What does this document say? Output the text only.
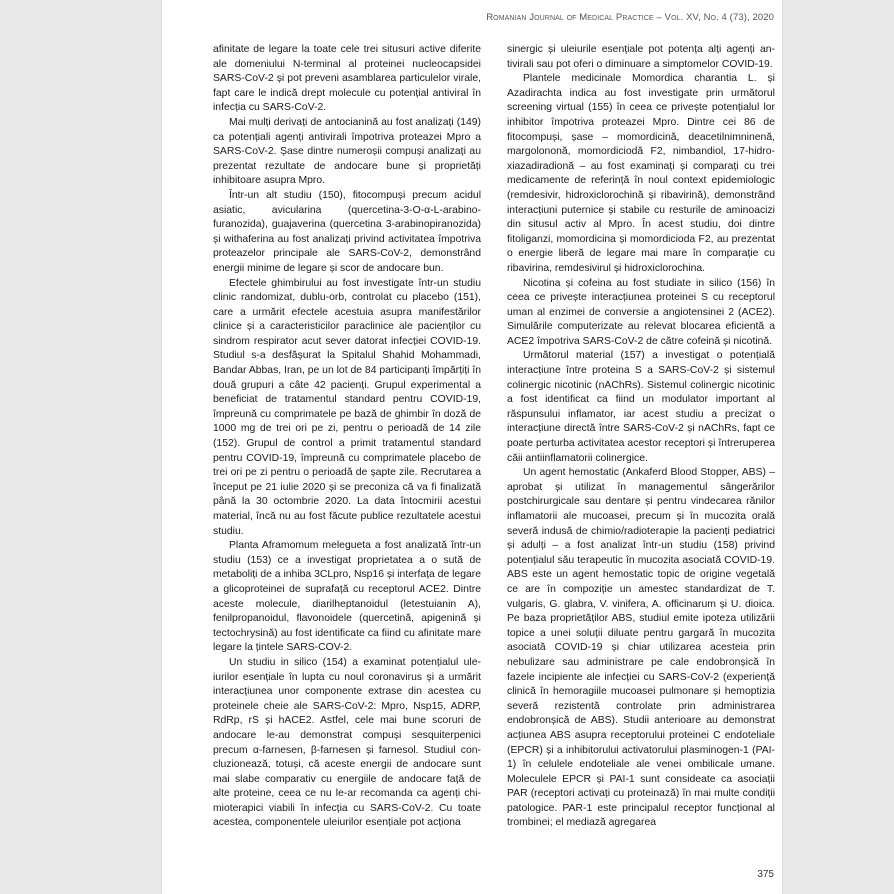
Romanian Journal of Medical Practice – Vol. XV, No. 4 (73), 2020

afinitate de legare la toate cele trei situsuri active diferite ale domeniului N-terminal al proteinei nucleocapsidei SARS-CoV-2 și pot preveni asamblarea particulelor virale, fapt care le indică drept molecule cu potențial antiviral în infecția cu SARS-CoV-2.

Mai mulți derivați de antocianină au fost analizați (149) ca potențiali agenți antivirali împotriva proteazei Mpro a SARS-CoV-2. Șase dintre numeroșii compuși analizați au prezentat rezultate de andocare bune și proprietăți inhibitoare asupra Mpro.

Într-un alt studiu (150), fitocompuși precum acidul asiatic, avicularina (quercetina-3-O-α-L-arabinofuranozida), guajaverina (quercetina 3-arabinopiranozida) și withaferina au fost analizați privind activitatea împotriva proteazelor principale ale SARS-CoV-2, demonstrând energii minime de legare și scor de andocare bun.

Efectele ghimbirului au fost investigate într-un studiu clinic randomizat, dublu-orb, controlat cu placebo (151), care a urmărit efectele acestuia asupra manifestărilor clinice și a caracteristicilor paraclinice ale pacienților cu sindrom respirator acut sever datorat infecției COVID-19. Studiul s-a desfășurat la Spitalul Shahid Mohammadi, Bandar Abbas, Iran, pe un lot de 84 participanți împărțiți în două grupuri a câte 42 pacienți. Grupul experimental a beneficiat de tratamentul standard pentru COVID-19, împreună cu comprimatele pe bază de ghimbir în doză de 1000 mg de trei ori pe zi, pentru o perioadă de 14 zile (152). Grupul de control a primit tratamentul standard pentru COVID-19, împreună cu comprimatele placebo de trei ori pe zi pentru o perioadă de șapte zile. Recrutarea a început pe 21 iulie 2020 și se preconiza că va fi finalizată până la 30 octombrie 2020. La data întocmirii acestui material, încă nu au fost făcute publice rezultatele acestui studiu.

Planta Aframomum melegueta a fost analizată într-un studiu (153) ce a investigat proprietatea a o sută de metaboliți de a inhiba 3CLpro, Nsp16 și interfața de legare a glicoproteinei de suprafață cu receptorul ACE2. Dintre aceste molecule, diarilheptanoidul (letestuianin A), fenilpropanoidul, flavonoidele (quercetină, apigenină și tectochrysină) au fost identificate ca fiind cu afinitate mare legare la țintele SARS-COV-2.

Un studiu in silico (154) a examinat potențialul uleiurilor esențiale în lupta cu noul coronavirus și a urmărit interacțiunea unor componente extrase din acestea cu proteinele cheie ale SARS-CoV-2: Mpro, Nsp15, ADRP, RdRp, rS și hACE2. Astfel, cele mai bune scoruri de andocare le-au demonstrat compuși sesquiterpenici precum α-farnesen, β-farnesen și farnesol. Studiul concluzionează, totuși, că aceste energii de andocare sunt mai slabe comparativ cu energiile de andocare față de alte proteine, ceea ce nu le-ar recomanda ca agenți chimioterapici viabili în infecția cu SARS-CoV-2. Cu toate acestea, componentele uleiurilor esențiale pot acționa

sinergic și uleiurile esențiale pot potența alți agenți antivirali sau pot oferi o diminuare a simptomelor COVID-19.

Plantele medicinale Momordica charantia L. și Azadirachta indica au fost investigate prin următorul screening virtual (155) în ceea ce privește potențialul lor inhibitor împotriva proteazei Mpro. Dintre cei 86 de fitocompuși, șase – momordicină, deacetilnimninenă, margolononă, momordiciodă F2, nimbandiol, 17-hidroxiazadiradionă – au fost examinați și comparați cu trei medicamente de referință în noul context epidemiologic (remdesivir, hidroxiclorochină și ribavirină), demonstrând interacțiuni puternice și stabile cu resturile de aminoacizi din situsul activ al Mpro. În acest studiu, doi dintre fitoliganzi, momordicina și momordicioda F2, au prezentat o energie liberă de legare mai mare în comparație cu ribavirina, remdesivirul și hidroxiclorochina.

Nicotina și cofeina au fost studiate in silico (156) în ceea ce privește interacțiunea proteinei S cu receptorul uman al enzimei de conversie a angiotensinei 2 (ACE2). Simulările computerizate au relevat blocarea eficientă a ACE2 împotriva SARS-CoV-2 de către cofeină și nicotină.

Următorul material (157) a investigat o potențială interacțiune între proteina S a SARS-CoV-2 și sistemul colinergic nicotinic (nAChRs). Sistemul colinergic nicotinic a fost identificat ca fiind un modulator important al răspunsului inflamator, iar acest studiu a precizat o interacțiune directă între SARS-CoV-2 și nAChRs, fapt ce poate perturba activitatea acestor receptori și întreruperea căii antiinflamatorii colinergice.

Un agent hemostatic (Ankaferd Blood Stopper, ABS) – aprobat și utilizat în managementul sângerărilor postchirurgicale sau dentare și pentru vindecarea rănilor inflamatorii ale mucoasei, precum și în mucozita orală severă indusă de chimio/radioterapie la pacienți pediatrici și adulți – a fost analizat într-un studiu (158) privind potențialul său terapeutic în mucozita asociată COVID-19. ABS este un agent hemostatic topic de origine vegetală ce are în compoziție un amestec standardizat de T. vulgaris, G. glabra, V. vinifera, A. officinarum și U. dioica. Pe baza proprietăților ABS, studiul emite ipoteza utilizării topice a unei soluții diluate pentru gargară în mucozita asociată COVID-19 și chiar utilizarea acesteia prin nebulizare sau administrare pe cale endobronșică în fazele incipiente ale infecției cu SARS-CoV-2 (experiență clinică în hemoragiile mucoasei pulmonare și hemoptizia severă rezistentă controlate prin administrarea endobronșică de ABS). Studii anterioare au demonstrat acțiunea ABS asupra receptorului proteinei C endoteliale (EPCR) și a inhibitorului activatorului plasminogen-1 (PAI-1) în celulele endoteliale ale venei ombilicale umane. Moleculele EPCR și PAI-1 sunt consideate ca asociații PAR (receptori activați cu proteinază) în mai multe condiții patologice. PAR-1 este principalul receptor funcțional al trombinei; el mediază agregarea

375
